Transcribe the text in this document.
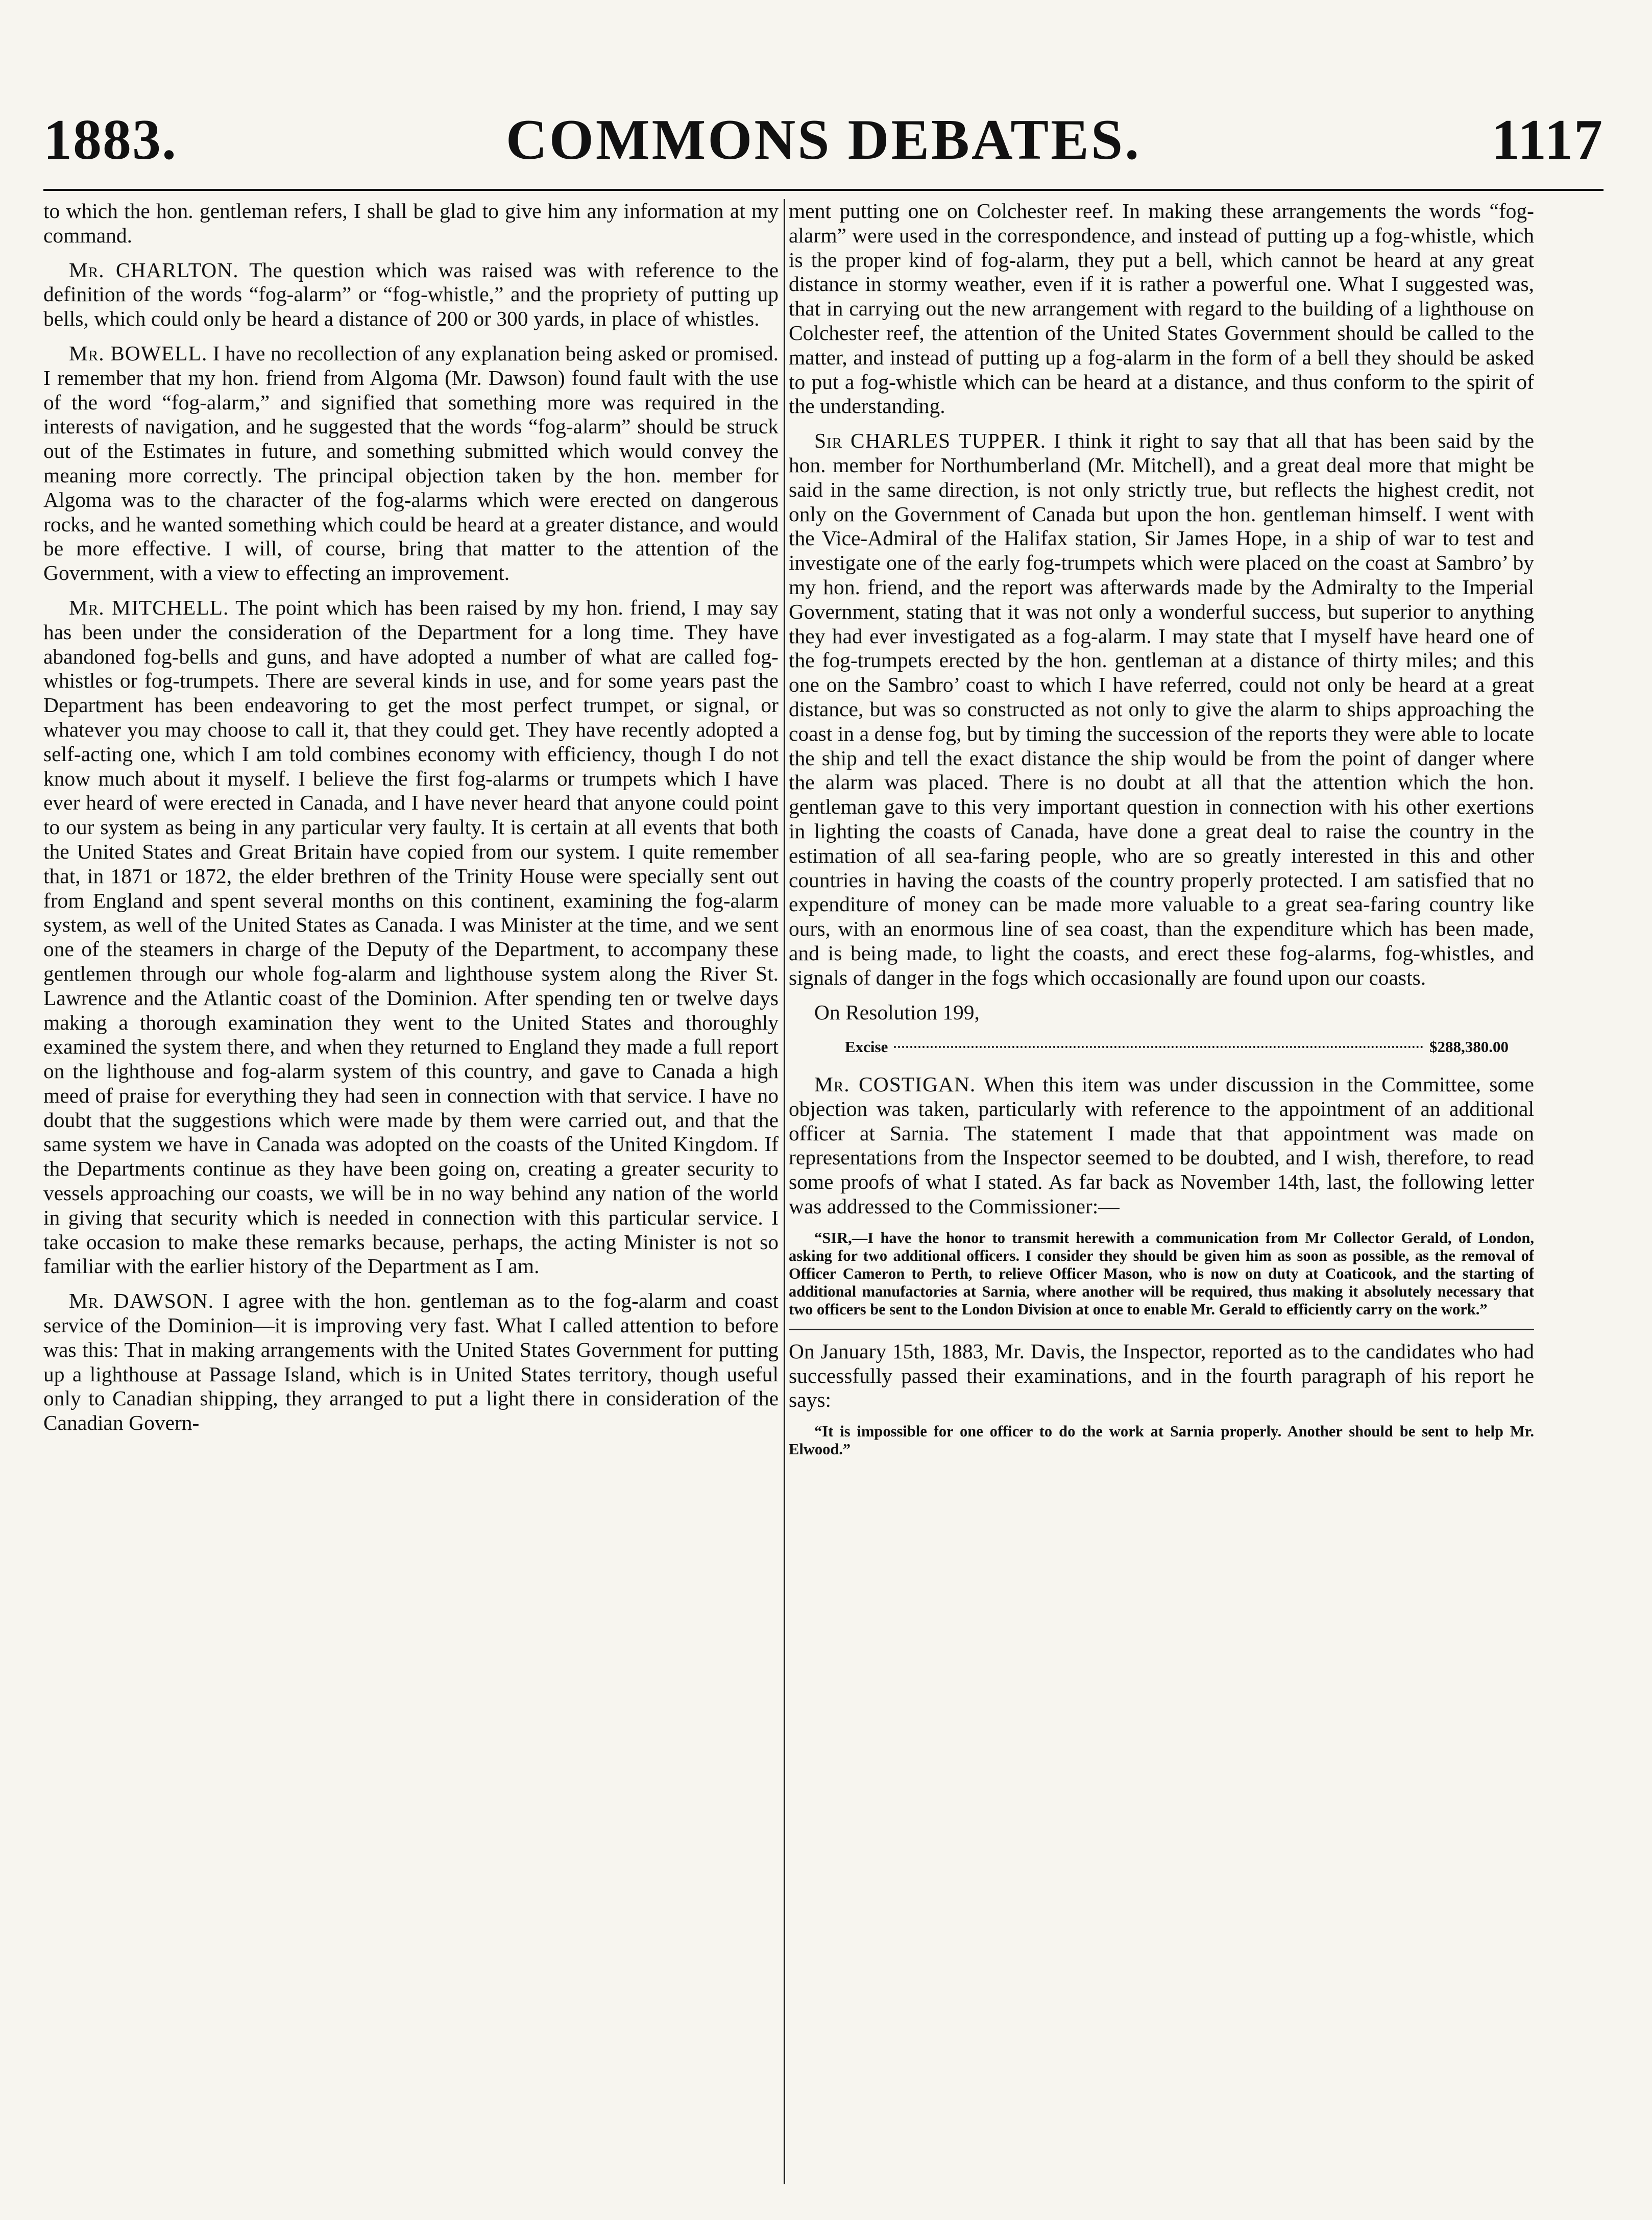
1883.	COMMONS DEBATES.	1117

to which the hon. gentleman refers, I shall be glad to give him any information at my command.

Mr. CHARLTON. The question which was raised was with reference to the definition of the words “fog-alarm” or “fog-whistle,” and the propriety of putting up bells, which could only be heard a distance of 200 or 300 yards, in place of whistles.

Mr. BOWELL. I have no recollection of any explanation being asked or promised. I remember that my hon. friend from Algoma (Mr. Dawson) found fault with the use of the word “fog-alarm,” and signified that something more was required in the interests of navigation, and he suggested that the words “fog-alarm” should be struck out of the Estimates in future, and something submitted which would convey the meaning more correctly. The principal objection taken by the hon. member for Algoma was to the character of the fog-alarms which were erected on dangerous rocks, and he wanted something which could be heard at a greater distance, and would be more effective. I will, of course, bring that matter to the attention of the Government, with a view to effecting an improvement.

Mr. MITCHELL. The point which has been raised by my hon. friend, I may say has been under the consideration of the Department for a long time. They have abandoned fog-bells and guns, and have adopted a number of what are called fog-whistles or fog-trumpets. There are several kinds in use, and for some years past the Department has been endeavoring to get the most perfect trumpet, or signal, or whatever you may choose to call it, that they could get. They have recently adopted a self-acting one, which I am told combines economy with efficiency, though I do not know much about it myself. I believe the first fog-alarms or trumpets which I have ever heard of were erected in Canada, and I have never heard that anyone could point to our system as being in any particular very faulty. It is certain at all events that both the United States and Great Britain have copied from our system. I quite remember that, in 1871 or 1872, the elder brethren of the Trinity House were specially sent out from England and spent several months on this continent, examining the fog-alarm system, as well of the United States as Canada. I was Minister at the time, and we sent one of the steamers in charge of the Deputy of the Department, to accompany these gentlemen through our whole fog-alarm and lighthouse system along the River St. Lawrence and the Atlantic coast of the Dominion. After spending ten or twelve days making a thorough examination they went to the United States and thoroughly examined the system there, and when they returned to England they made a full report on the lighthouse and fog-alarm system of this country, and gave to Canada a high meed of praise for everything they had seen in connection with that service. I have no doubt that the suggestions which were made by them were carried out, and that the same system we have in Canada was adopted on the coasts of the United Kingdom. If the Departments continue as they have been going on, creating a greater security to vessels approaching our coasts, we will be in no way behind any nation of the world in giving that security which is needed in connection with this particular service. I take occasion to make these remarks because, perhaps, the acting Minister is not so familiar with the earlier history of the Department as I am.

Mr. DAWSON. I agree with the hon. gentleman as to the fog-alarm and coast service of the Dominion—it is improving very fast. What I called attention to before was this: That in making arrangements with the United States Government for putting up a lighthouse at Passage Island, which is in United States territory, though useful only to Canadian shipping, they arranged to put a light there in consideration of the Canadian Govern-

ment putting one on Colchester reef. In making these arrangements the words “fog-alarm” were used in the correspondence, and instead of putting up a fog-whistle, which is the proper kind of fog-alarm, they put a bell, which cannot be heard at any great distance in stormy weather, even if it is rather a powerful one. What I suggested was, that in carrying out the new arrangement with regard to the building of a lighthouse on Colchester reef, the attention of the United States Government should be called to the matter, and instead of putting up a fog-alarm in the form of a bell they should be asked to put a fog-whistle which can be heard at a distance, and thus conform to the spirit of the understanding.

Sir CHARLES TUPPER. I think it right to say that all that has been said by the hon. member for Northumberland (Mr. Mitchell), and a great deal more that might be said in the same direction, is not only strictly true, but reflects the highest credit, not only on the Government of Canada but upon the hon. gentleman himself. I went with the Vice-Admiral of the Halifax station, Sir James Hope, in a ship of war to test and investigate one of the early fog-trumpets which were placed on the coast at Sambro’ by my hon. friend, and the report was afterwards made by the Admiralty to the Imperial Government, stating that it was not only a wonderful success, but superior to anything they had ever investigated as a fog-alarm. I may state that I myself have heard one of the fog-trumpets erected by the hon. gentleman at a distance of thirty miles; and this one on the Sambro’ coast to which I have referred, could not only be heard at a great distance, but was so constructed as not only to give the alarm to ships approaching the coast in a dense fog, but by timing the succession of the reports they were able to locate the ship and tell the exact distance the ship would be from the point of danger where the alarm was placed. There is no doubt at all that the attention which the hon. gentleman gave to this very important question in connection with his other exertions in lighting the coasts of Canada, have done a great deal to raise the country in the estimation of all sea-faring people, who are so greatly interested in this and other countries in having the coasts of the country properly protected. I am satisfied that no expenditure of money can be made more valuable to a great sea-faring country like ours, with an enormous line of sea coast, than the expenditure which has been made, and is being made, to light the coasts, and erect these fog-alarms, fog-whistles, and signals of danger in the fogs which occasionally are found upon our coasts.

On Resolution 199,

Excise	$288,380.00

Mr. COSTIGAN. When this item was under discussion in the Committee, some objection was taken, particularly with reference to the appointment of an additional officer at Sarnia. The statement I made that that appointment was made on representations from the Inspector seemed to be doubted, and I wish, therefore, to read some proofs of what I stated. As far back as November 14th, last, the following letter was addressed to the Commissioner:—

“SIR,—I have the honor to transmit herewith a communication from Mr Collector Gerald, of London, asking for two additional officers. I consider they should be given him as soon as possible, as the removal of Officer Cameron to Perth, to relieve Officer Mason, who is now on duty at Coaticook, and the starting of additional manufactories at Sarnia, where another will be required, thus making it absolutely necessary that two officers be sent to the London Division at once to enable Mr. Gerald to efficiently carry on the work.”

On January 15th, 1883, Mr. Davis, the Inspector, reported as to the candidates who had successfully passed their examinations, and in the fourth paragraph of his report he says:

“It is impossible for one officer to do the work at Sarnia properly. Another should be sent to help Mr. Elwood.”
